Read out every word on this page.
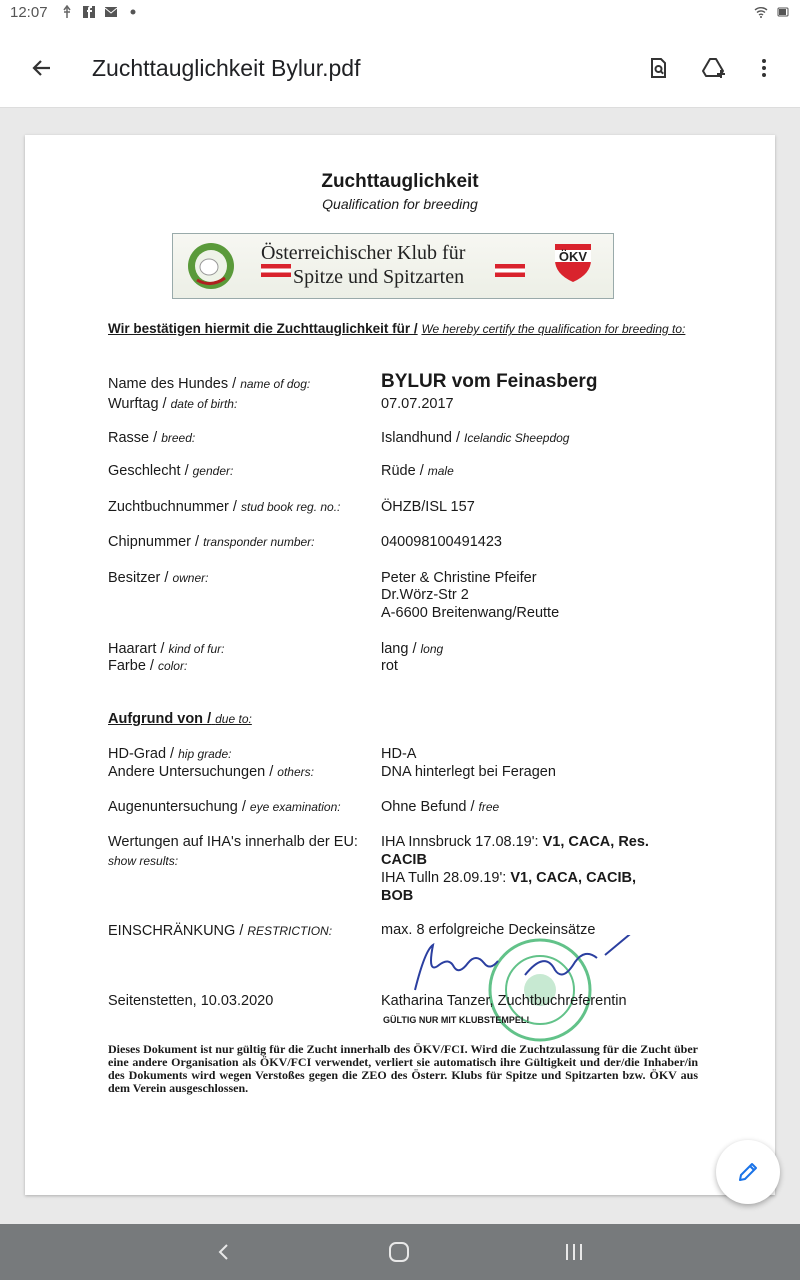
12:07
Zuchttauglichkeit Bylur.pdf
Zuchttauglichkeit
Qualification for breeding
Österreichischer Klub für
Spitze und Spitzarten
ÖKV
Wir bestätigen hiermit die Zuchttauglichkeit für / We hereby certify the qualification for breeding to:
Name des Hundes / name of dog:	BYLUR vom Feinasberg
Wurftag / date of birth:	07.07.2017
Rasse / breed:	Islandhund / Icelandic Sheepdog
Geschlecht / gender:	Rüde / male
Zuchtbuchnummer / stud book reg. no.:	ÖHZB/ISL 157
Chipnummer / transponder number:	040098100491423
Besitzer / owner:	Peter & Christine Pfeifer
Dr.Wörz-Str 2
A-6600 Breitenwang/Reutte
Haarart / kind of fur:	lang / long
Farbe / color:	rot
Aufgrund von / due to:
HD-Grad / hip grade:	HD-A
Andere Untersuchungen / others:	DNA hinterlegt bei Feragen
Augenuntersuchung / eye examination:	Ohne Befund / free
Wertungen auf IHA's innerhalb der EU:
show results:
IHA Innsbruck 17.08.19': V1, CACA, Res.
CACIB
IHA Tulln 28.09.19': V1, CACA, CACIB,
BOB
EINSCHRÄNKUNG / RESTRICTION:	max. 8 erfolgreiche Deckeinsätze
Seitenstetten, 10.03.2020	Katharina Tanzer, Zuchtbuchreferentin
GÜLTIG NUR MIT KLUBSTEMPEL!
Dieses Dokument ist nur gültig für die Zucht innerhalb des ÖKV/FCI. Wird die Zuchtzulassung für die Zucht über eine andere Organisation als ÖKV/FCI verwendet, verliert sie automatisch ihre Gültigkeit und der/die Inhaber/in des Dokuments wird wegen Verstoßes gegen die ZEO des Österr. Klubs für Spitze und Spitzarten bzw. ÖKV aus dem Verein ausgeschlossen.
